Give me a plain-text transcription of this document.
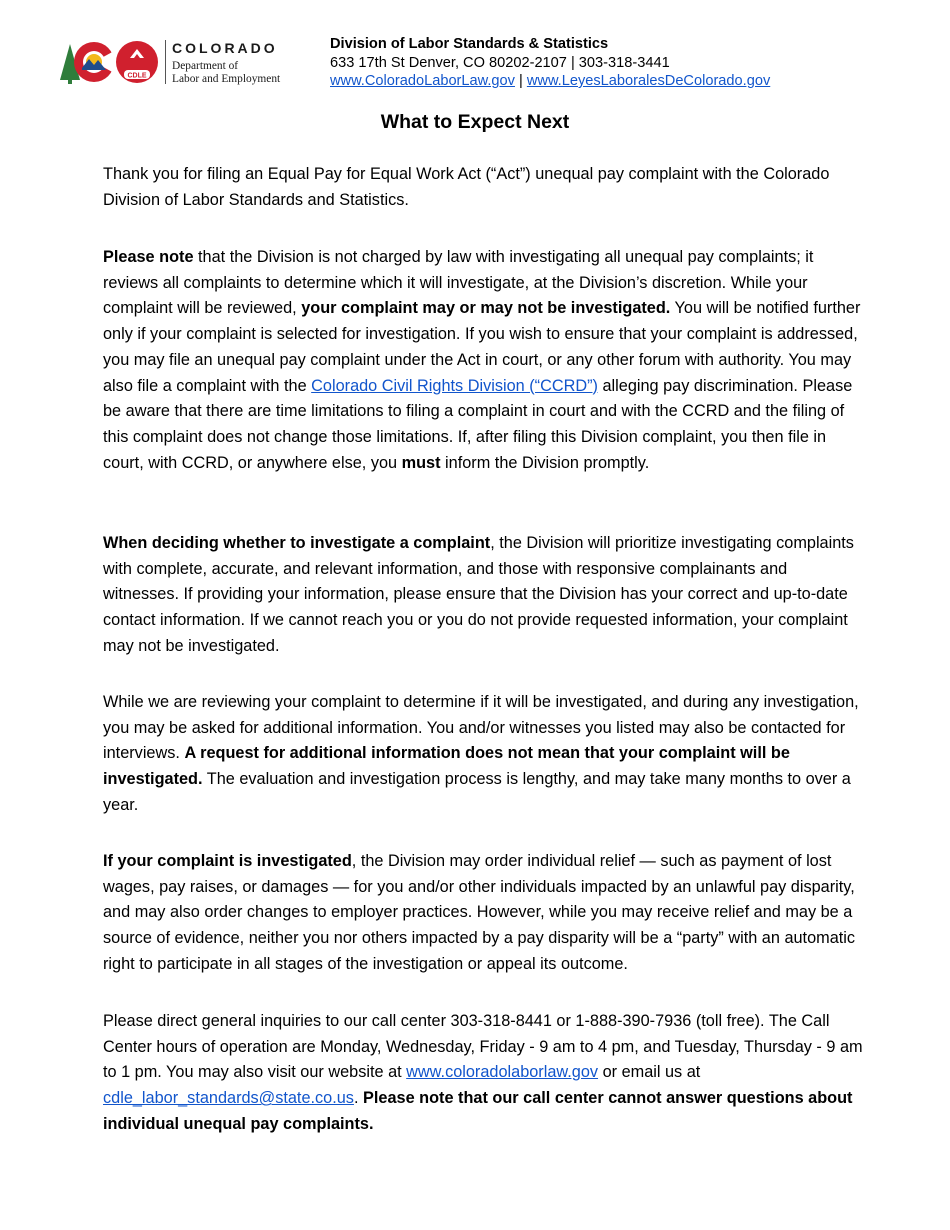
CDLE
COLORADO
Department of
Labor and Employment
Division of Labor Standards & Statistics
633 17th St Denver, CO 80202-2107 | 303-318-3441
www.ColoradoLaborLaw.gov | www.LeyesLaboralesDeColorado.gov
What to Expect Next

Thank you for filing an Equal Pay for Equal Work Act (“Act”) unequal pay complaint with the Colorado Division of Labor Standards and Statistics.

Please note that the Division is not charged by law with investigating all unequal pay complaints; it reviews all complaints to determine which it will investigate, at the Division’s discretion. While your complaint will be reviewed, your complaint may or may not be investigated. You will be notified further only if your complaint is selected for investigation. If you wish to ensure that your complaint is addressed, you may file an unequal pay complaint under the Act in court, or any other forum with authority. You may also file a complaint with the Colorado Civil Rights Division (“CCRD”) alleging pay discrimination. Please be aware that there are time limitations to filing a complaint in court and with the CCRD and the filing of this complaint does not change those limitations. If, after filing this Division complaint, you then file in court, with CCRD, or anywhere else, you must inform the Division promptly.

When deciding whether to investigate a complaint, the Division will prioritize investigating complaints with complete, accurate, and relevant information, and those with responsive complainants and witnesses. If providing your information, please ensure that the Division has your correct and up-to-date contact information. If we cannot reach you or you do not provide requested information, your complaint may not be investigated.

While we are reviewing your complaint to determine if it will be investigated, and during any investigation, you may be asked for additional information. You and/or witnesses you listed may also be contacted for interviews. A request for additional information does not mean that your complaint will be investigated. The evaluation and investigation process is lengthy, and may take many months to over a year.

If your complaint is investigated, the Division may order individual relief — such as payment of lost wages, pay raises, or damages — for you and/or other individuals impacted by an unlawful pay disparity, and may also order changes to employer practices. However, while you may receive relief and may be a source of evidence, neither you nor others impacted by a pay disparity will be a “party” with an automatic right to participate in all stages of the investigation or appeal its outcome.

Please direct general inquiries to our call center 303-318-8441 or 1-888-390-7936 (toll free). The Call Center hours of operation are Monday, Wednesday, Friday - 9 am to 4 pm, and Tuesday, Thursday - 9 am to 1 pm. You may also visit our website at www.coloradolaborlaw.gov or email us at cdle_labor_standards@state.co.us. Please note that our call center cannot answer questions about individual unequal pay complaints.
